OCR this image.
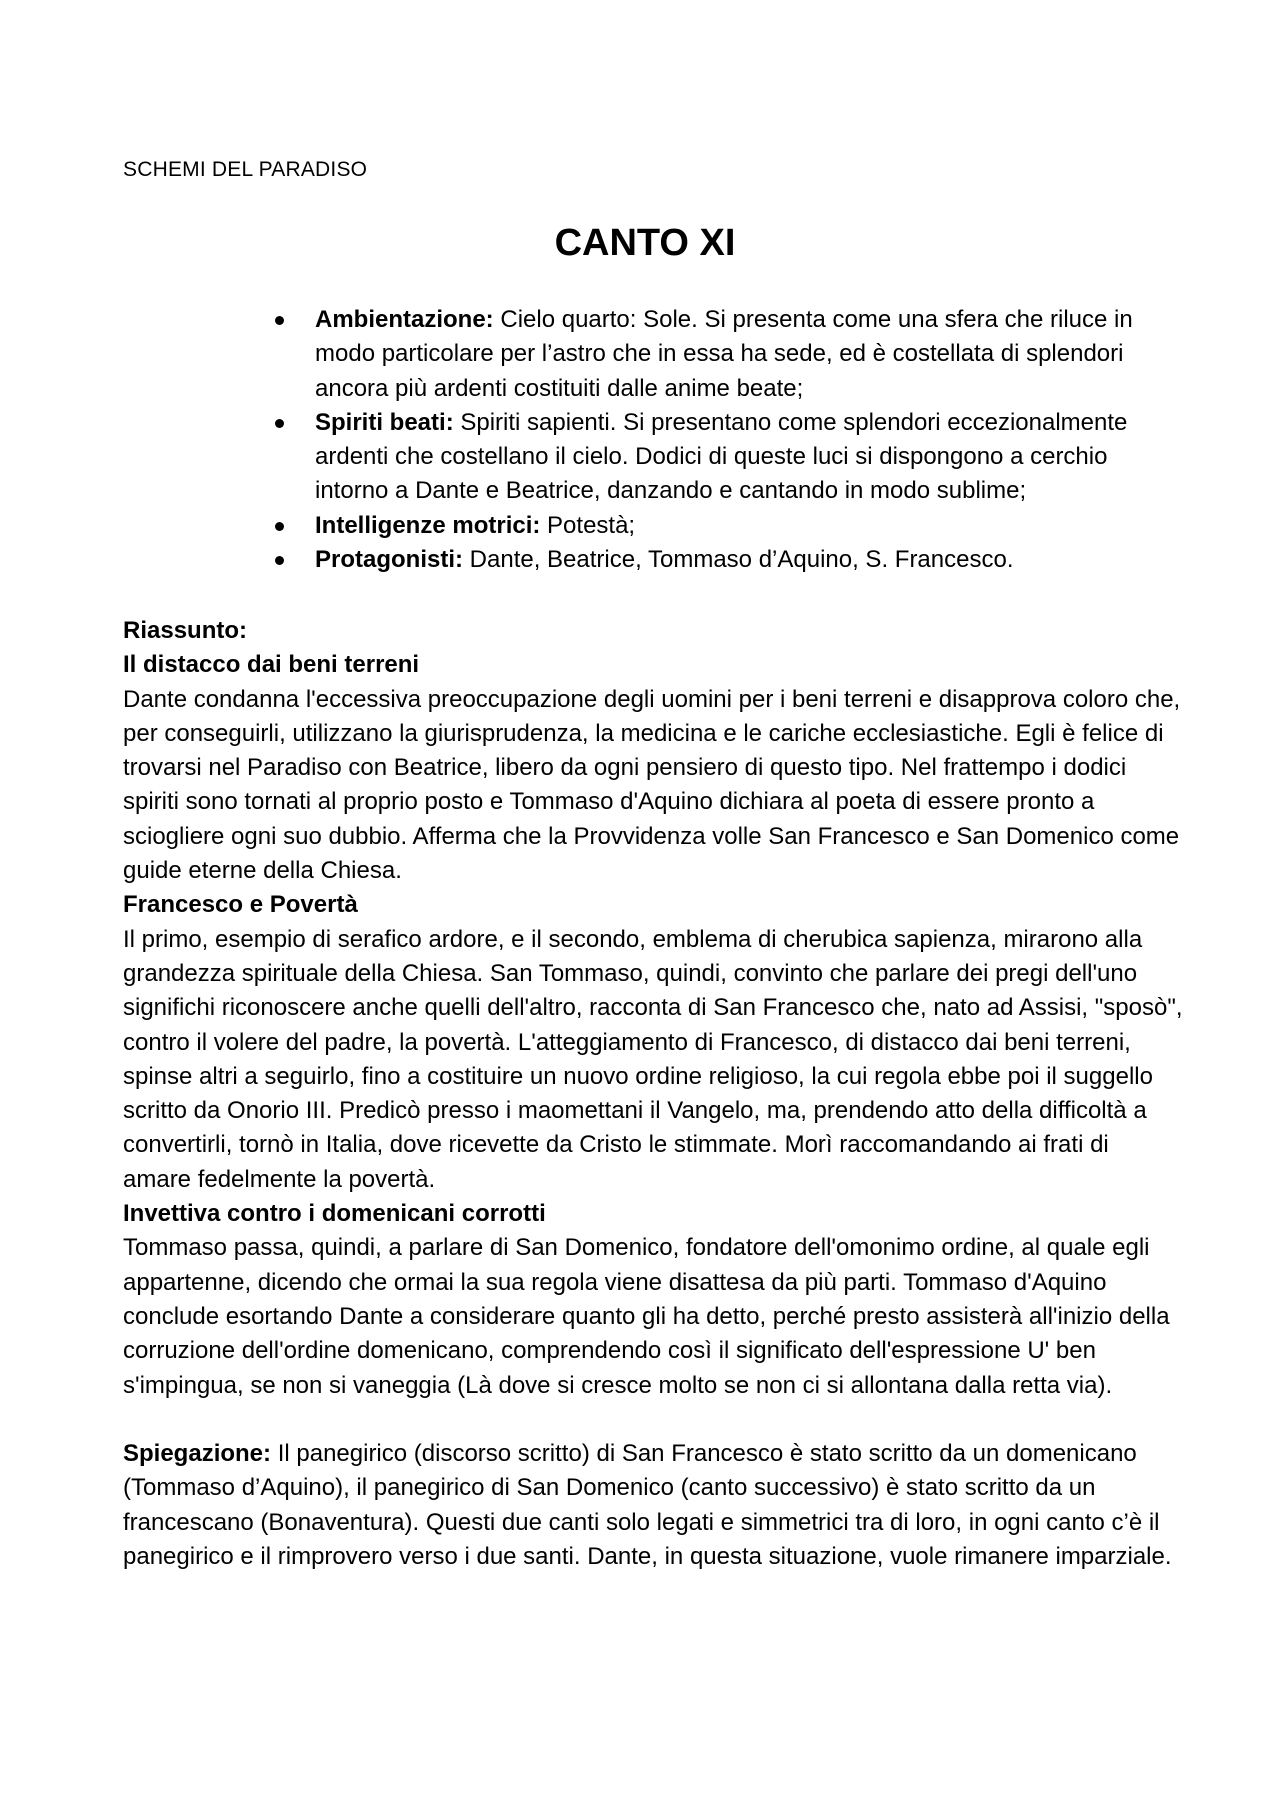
SCHEMI DEL PARADISO
CANTO XI
Ambientazione: Cielo quarto: Sole. Si presenta come una sfera che riluce in modo particolare per l’astro che in essa ha sede, ed è costellata di splendori ancora più ardenti costituiti dalle anime beate;
Spiriti beati: Spiriti sapienti. Si presentano come splendori eccezionalmente ardenti che costellano il cielo. Dodici di queste luci si dispongono a cerchio intorno a Dante e Beatrice, danzando e cantando in modo sublime;
Intelligenze motrici: Potestà;
Protagonisti: Dante, Beatrice, Tommaso d’Aquino, S. Francesco.

Riassunto:

Il distacco dai beni terreni

Dante condanna l'eccessiva preoccupazione degli uomini per i beni terreni e disapprova coloro che, per conseguirli, utilizzano la giurisprudenza, la medicina e le cariche ecclesiastiche. Egli è felice di trovarsi nel Paradiso con Beatrice, libero da ogni pensiero di questo tipo. Nel frattempo i dodici spiriti sono tornati al proprio posto e Tommaso d'Aquino dichiara al poeta di essere pronto a sciogliere ogni suo dubbio. Afferma che la Provvidenza volle San Francesco e San Domenico come guide eterne della Chiesa.

Francesco e Povertà

Il primo, esempio di serafico ardore, e il secondo, emblema di cherubica sapienza, mirarono alla grandezza spirituale della Chiesa. San Tommaso, quindi, convinto che parlare dei pregi dell'uno significhi riconoscere anche quelli dell'altro, racconta di San Francesco che, nato ad Assisi, "sposò", contro il volere del padre, la povertà. L'atteggiamento di Francesco, di distacco dai beni terreni, spinse altri a seguirlo, fino a costituire un nuovo ordine religioso, la cui regola ebbe poi il suggello scritto da Onorio III. Predicò presso i maomettani il Vangelo, ma, prendendo atto della difficoltà a convertirli, tornò in Italia, dove ricevette da Cristo le stimmate. Morì raccomandando ai frati di amare fedelmente la povertà.

Invettiva contro i domenicani corrotti

Tommaso passa, quindi, a parlare di San Domenico, fondatore dell'omonimo ordine, al quale egli appartenne, dicendo che ormai la sua regola viene disattesa da più parti. Tommaso d'Aquino conclude esortando Dante a considerare quanto gli ha detto, perché presto assisterà all'inizio della corruzione dell'ordine domenicano, comprendendo così il significato dell'espressione U' ben s'impingua, se non si vaneggia (Là dove si cresce molto se non ci si allontana dalla retta via).

Spiegazione: Il panegirico (discorso scritto) di San Francesco è stato scritto da un domenicano (Tommaso d’Aquino), il panegirico di San Domenico (canto successivo) è stato scritto da un francescano (Bonaventura). Questi due canti solo legati e simmetrici tra di loro, in ogni canto c’è il panegirico e il rimprovero verso i due santi. Dante, in questa situazione, vuole rimanere imparziale.
